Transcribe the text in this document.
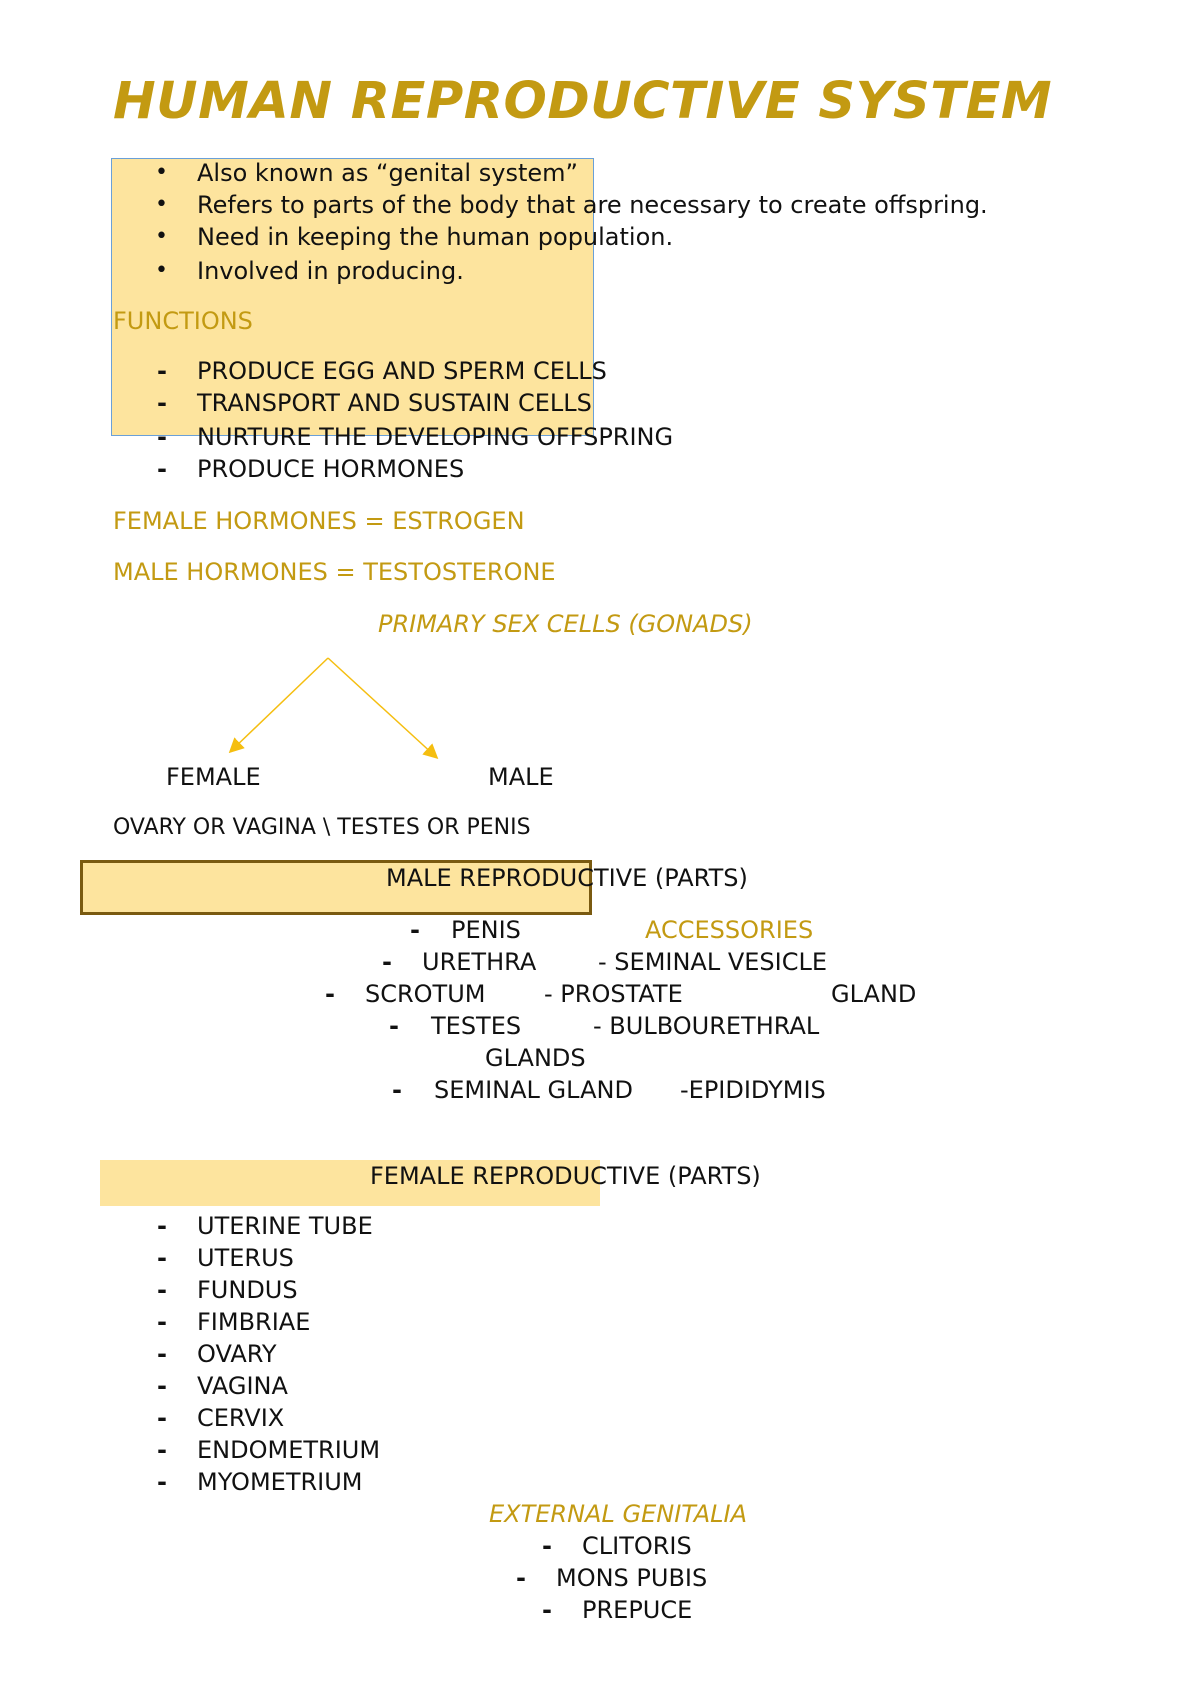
HUMAN REPRODUCTIVE SYSTEM
• Also known as “genital system”
• Refers to parts of the body that are necessary to create offspring.
• Need in keeping the human population.
• Involved in producing.
FUNCTIONS
- PRODUCE EGG AND SPERM CELLS
- TRANSPORT AND SUSTAIN CELLS
- NURTURE THE DEVELOPING OFFSPRING
- PRODUCE HORMONES
FEMALE HORMONES = ESTROGEN
MALE HORMONES = TESTOSTERONE
PRIMARY SEX CELLS (GONADS)
FEMALE	MALE
OVARY OR VAGINA \ TESTES OR PENIS
MALE REPRODUCTIVE (PARTS)
- PENIS	ACCESSORIES
- URETHRA	- SEMINAL VESICLE
- SCROTUM - PROSTATE	GLAND
- TESTES	- BULBOURETHRAL
GLANDS
- SEMINAL GLAND -EPIDIDYMIS
FEMALE REPRODUCTIVE (PARTS)
- UTERINE TUBE
- UTERUS
- FUNDUS
- FIMBRIAE
- OVARY
- VAGINA
- CERVIX
- ENDOMETRIUM
- MYOMETRIUM
EXTERNAL GENITALIA
- CLITORIS
- MONS PUBIS
- PREPUCE
